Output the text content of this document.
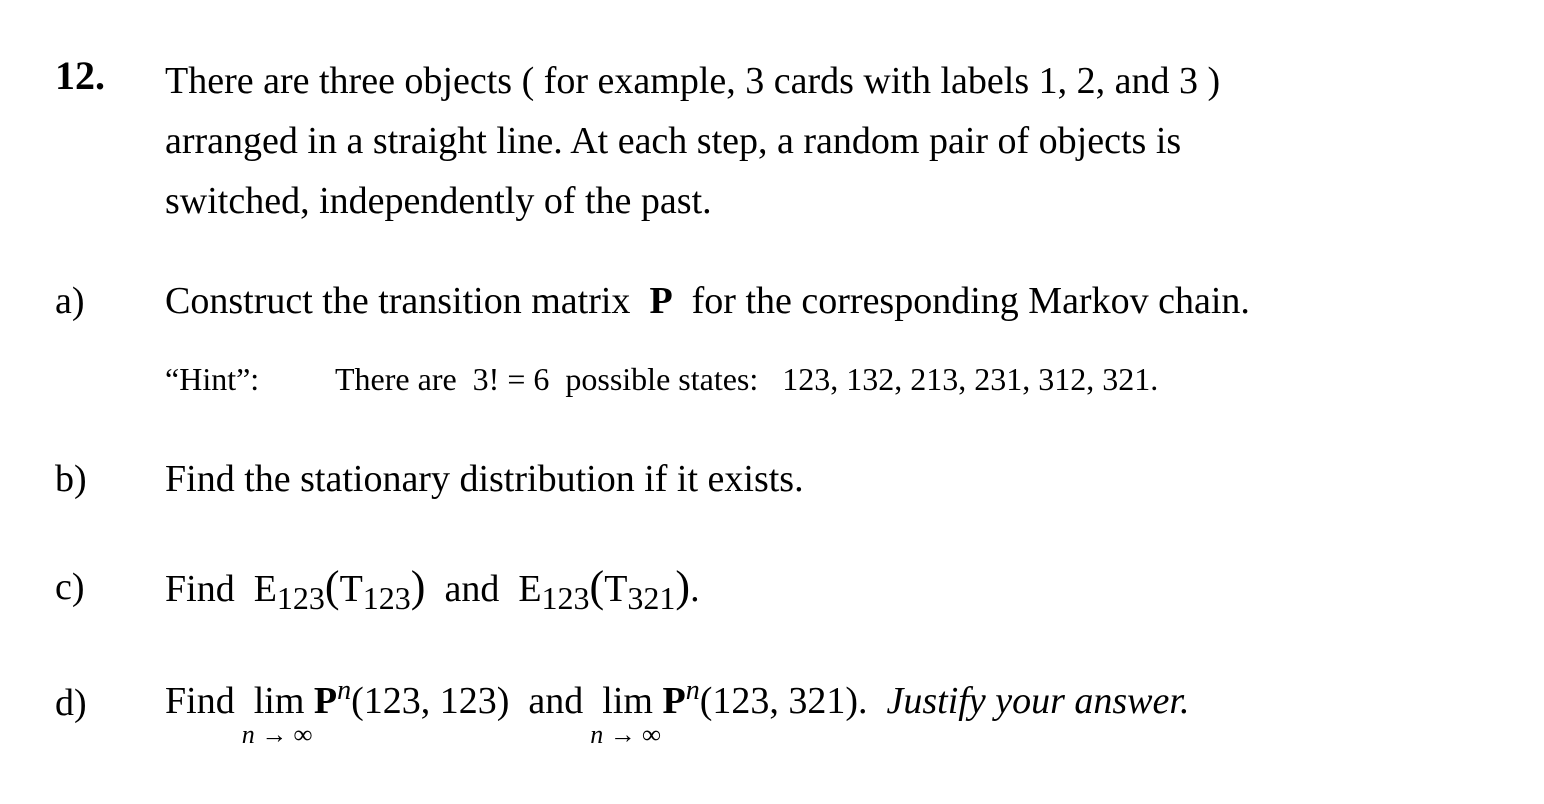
12. There are three objects ( for example, 3 cards with labels 1, 2, and 3 )
arranged in a straight line. At each step, a random pair of objects is
switched, independently of the past.
a) Construct the transition matrix P for the corresponding Markov chain.
“Hint”: There are 3! = 6 possible states: 123, 132, 213, 231, 312, 321.
b) Find the stationary distribution if it exists.
c) Find $E_{123}(T_{123})$ and $E_{123}(T_{321})$.
d) Find lim
n → ∞
$P^n(123$, 123) and lim
n → ∞
$P^n(123$, 321). Justify your answer.
